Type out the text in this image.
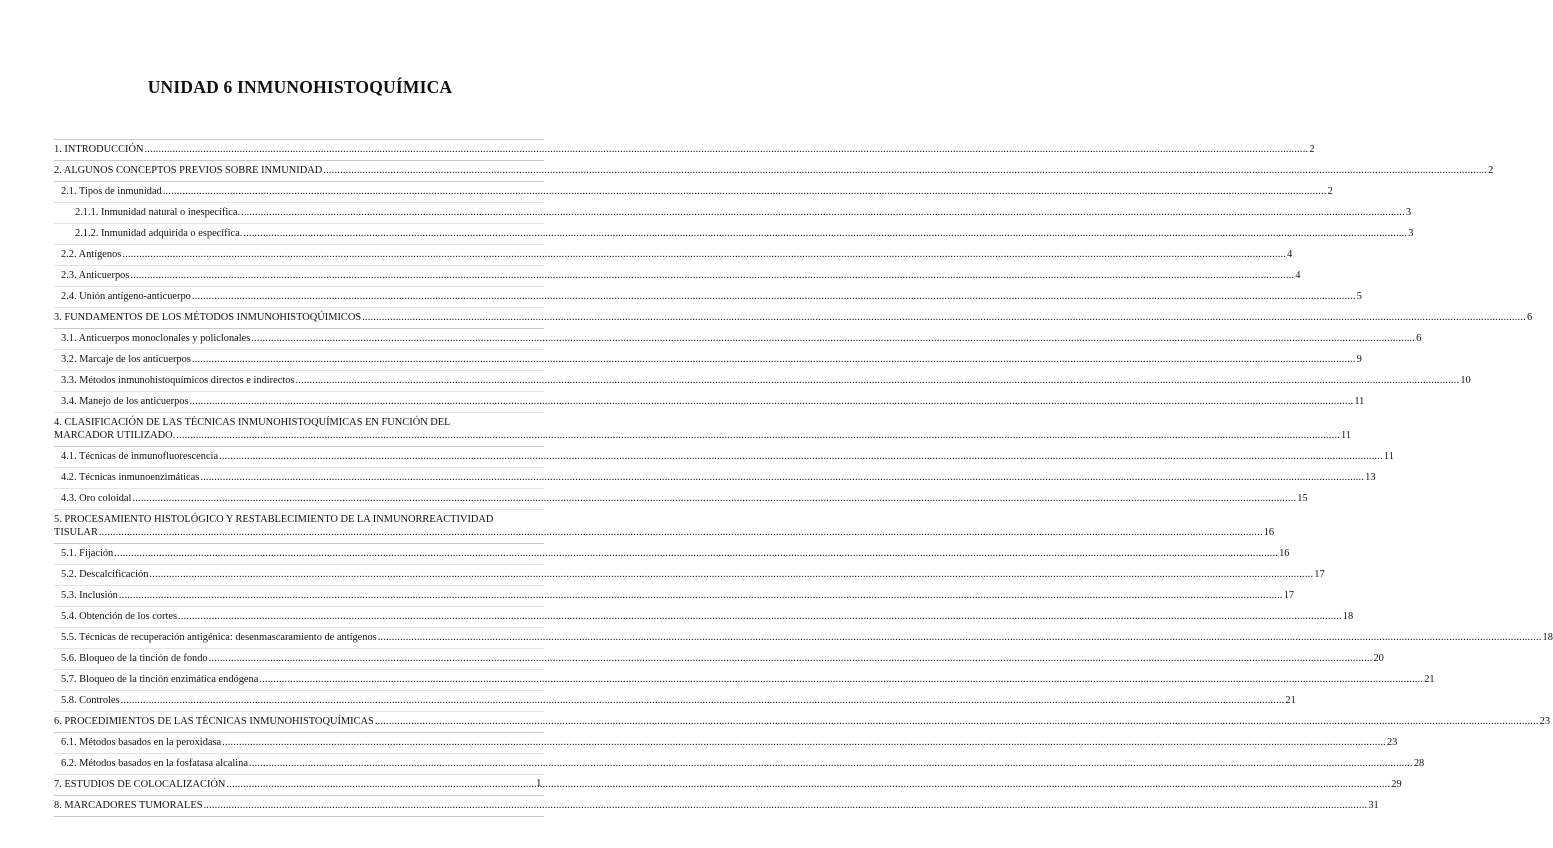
UNIDAD 6 INMUNOHISTOQUÍMICA
1. INTRODUCCIÓN .....	2
2. ALGUNOS CONCEPTOS PREVIOS SOBRE INMUNIDAD .....	2
2.1. Tipos de inmunidad .....	2
2.1.1. Inmunidad natural o inespecífica. .....	3
2.1.2. Inmunidad adquirida o específica. .....	3
2.2. Antígenos .....	4
2.3. Anticuerpos .....	4
2.4. Unión antígeno-anticuerpo .....	5
3. FUNDAMENTOS DE LOS MÉTODOS INMUNOHISTOQÚIMICOS .....	6
3.1. Anticuerpos monoclonales y policlonales .....	6
3.2. Marcaje de los anticuerpos .....	9
3.3. Métodos inmunohistoquímicos directos e indirectos .....	10
3.4. Manejo de los anticuerpos .....	11
4. CLASIFICACIÓN DE LAS TÉCNICAS INMUNOHISTOQUÍMICAS EN FUNCIÓN DEL
MARCADOR UTILIZADO. .....	11
4.1. Técnicas de inmunofluorescencia .....	11
4.2. Técnicas inmunoenzimáticas .....	13
4.3. Oro coloidal .....	15
5. PROCESAMIENTO HISTOLÓGICO Y RESTABLECIMIENTO DE LA INMUNORREACTIVIDAD
TISULAR .....	16
5.1. Fijación .....	16
5.2. Descalcificación .....	17
5.3. Inclusión .....	17
5.4. Obtención de los cortes .....	18
5.5. Técnicas de recuperación antigénica: desenmascaramiento de antígenos .....	18
5.6. Bloqueo de la tinción de fondo .....	20
5.7. Bloqueo de la tinción enzimática endógena .....	21
5.8. Controles .....	21
6. PROCEDIMIENTOS DE LAS TÉCNICAS INMUNOHISTOQUÍMICAS .....	23
6.1. Métodos basados en la peroxidasa .....	23
6.2. Métodos basados en la fosfatasa alcalina .....	28
7. ESTUDIOS DE COLOCALIZACIÓN .....	29
8. MARCADORES TUMORALES .....	31
1
